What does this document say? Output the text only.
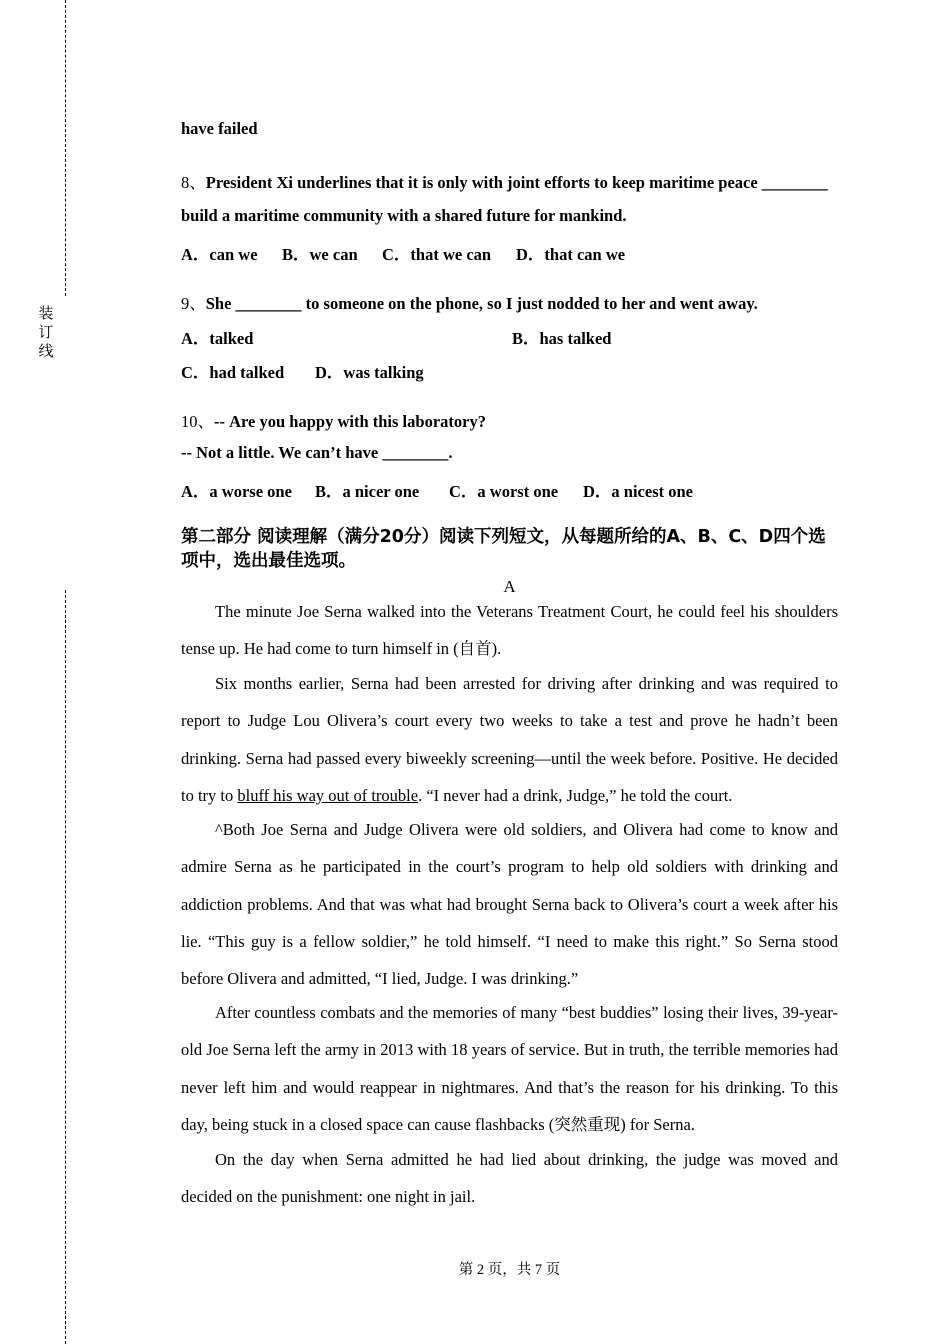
装
订
线
have failed
8、President Xi underlines that it is only with joint efforts to keep maritime peace ________
build a maritime community with a shared future for mankind.
A．can we B．we can C．that we can D．that can we
9、She ________ to someone on the phone, so I just nodded to her and went away.
A．talked	B．has talked
C．had talked D．was talking
10、-- Are you happy with this laboratory?
-- Not a little. We can’t have ________.
A．a worse one B．a nicer one C．a worst one D．a nicest one
第二部分 阅读理解（满分20分）阅读下列短文，从每题所给的A、B、C、D四个选项中，选出最佳选项。
A

The minute Joe Serna walked into the Veterans Treatment Court, he could feel his shoulders tense up. He had come to turn himself in (自首).

Six months earlier, Serna had been arrested for driving after drinking and was required to report to Judge Lou Olivera’s court every two weeks to take a test and prove he hadn’t been drinking. Serna had passed every biweekly screening—until the week before. Positive. He decided to try to bluff his way out of trouble. “I never had a drink, Judge,” he told the court.

^Both Joe Serna and Judge Olivera were old soldiers, and Olivera had come to know and admire Serna as he participated in the court’s program to help old soldiers with drinking and addiction problems. And that was what had brought Serna back to Olivera’s court a week after his lie. “This guy is a fellow soldier,” he told himself. “I need to make this right.” So Serna stood before Olivera and admitted, “I lied, Judge. I was drinking.”

After countless combats and the memories of many “best buddies” losing their lives, 39-year-old Joe Serna left the army in 2013 with 18 years of service. But in truth, the terrible memories had never left him and would reappear in nightmares. And that’s the reason for his drinking. To this day, being stuck in a closed space can cause flashbacks (突然重现) for Serna.

On the day when Serna admitted he had lied about drinking, the judge was moved and decided on the punishment: one night in jail.

第 2 页，共 7 页
